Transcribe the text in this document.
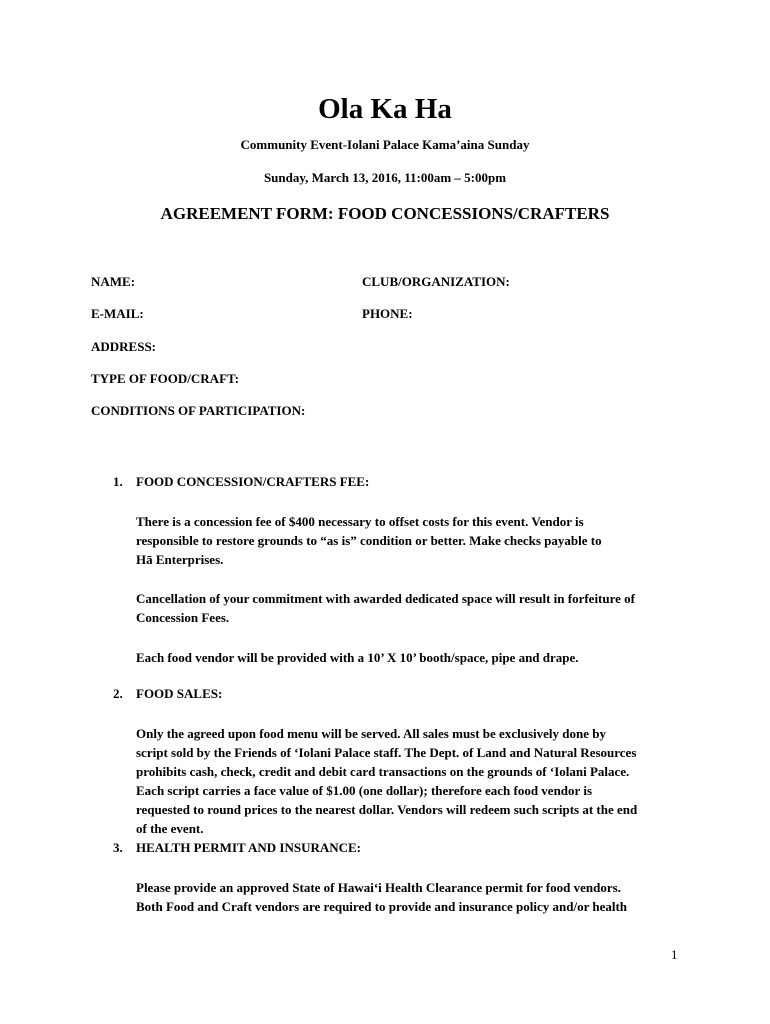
Ola Ka Ha
Community Event-Iolani Palace Kama’aina Sunday
Sunday, March 13, 2016, 11:00am – 5:00pm
AGREEMENT FORM: FOOD CONCESSIONS/CRAFTERS
NAME:	CLUB/ORGANIZATION:
E-MAIL:	PHONE:
ADDRESS:
TYPE OF FOOD/CRAFT:
CONDITIONS OF PARTICIPATION:
1. FOOD CONCESSION/CRAFTERS FEE:
There is a concession fee of $400 necessary to offset costs for this event. Vendor is
responsible to restore grounds to “as is” condition or better. Make checks payable to
Hā Enterprises.
Cancellation of your commitment with awarded dedicated space will result in forfeiture of
Concession Fees.
Each food vendor will be provided with a 10’ X 10’ booth/space, pipe and drape.
2. FOOD SALES:
Only the agreed upon food menu will be served. All sales must be exclusively done by
script sold by the Friends of ‘Iolani Palace staff. The Dept. of Land and Natural Resources
prohibits cash, check, credit and debit card transactions on the grounds of ‘Iolani Palace.
Each script carries a face value of $1.00 (one dollar); therefore each food vendor is
requested to round prices to the nearest dollar. Vendors will redeem such scripts at the end
of the event.
3. HEALTH PERMIT AND INSURANCE:
Please provide an approved State of Hawai‘i Health Clearance permit for food vendors.
Both Food and Craft vendors are required to provide and insurance policy and/or health
1
